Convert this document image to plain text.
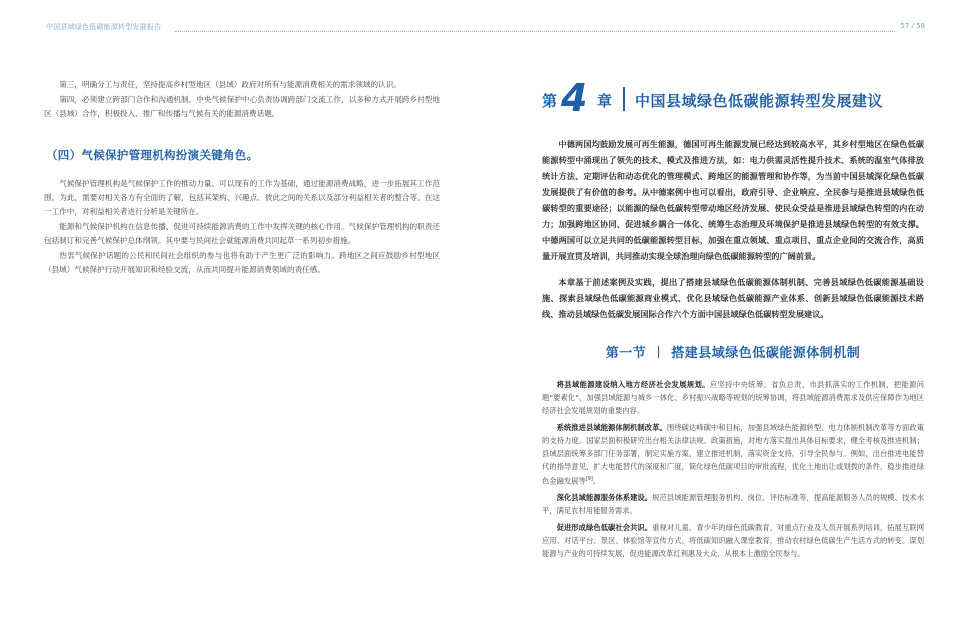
中国县域绿色低碳能源转型发展报告	57 / 58

第三，明确分工与责任，坚持提高乡村型地区（县域）政府对所有与能源消费相关的需求领域的认识。

第四，必须建立跨部门合作和沟通机制。中央气候保护中心负责协调跨部门交流工作，以多种方式开展跨乡村型地区（县域）合作，积极投入、推广和传播与气候有关的能源消费话题。

（四）气候保护管理机构扮演关键角色。

气候保护管理机构是气候保护工作的推动力量。可以现有的工作为基础，通过能源消费战略，进一步拓展其工作范围。为此，需要对相关各方有全面的了解，包括其架构、兴趣点、彼此之间的关系以及部分利益相关者的整合等。在这一工作中，对利益相关者进行分析是关键所在。

能源和气候保护机构在信息传播、促进可持续能源消费的工作中发挥关键的核心作用。气候保护管理机构的职责还包括制订和完善气候保护总体纲领。其中要与民间社会就能源消费共同起草一系列初步措施。

热衷气候保护话题的公民和民间社会组织的参与也将有助于产生更广泛的影响力。跨地区之间应鼓励乡村型地区（县域）气候保护行动开展知识和经验交流，从而共同提升能源消费领域的责任感。

第 4 章 中国县域绿色低碳能源转型发展建议

中德两国均鼓励发展可再生能源，德国可再生能源发展已经达到较高水平，其乡村型地区在绿色低碳能源转型中涌现出了领先的技术、模式及推进方法，如：电力供需灵活性提升技术、系统的温室气体排放统计方法、定期评估和动态优化的管理模式、跨地区的能源管理和协作等，为当前中国县域深化绿色低碳发展提供了有价值的参考。从中德案例中也可以看出，政府引导、企业响应、全民参与是推进县域绿色低碳转型的重要途径；以能源的绿色低碳转型带动地区经济发展、使民众受益是推进县域绿色转型的内在动力；加强跨地区协同、促进城乡耦合一体化、统筹生态治理及环境保护是推进县域绿色转型的有效支撑。中德两国可以立足共同的低碳能源转型目标，加强在重点领域、重点项目、重点企业间的交流合作，高质量开展宣贯及培训，共同推动实现全球治理向绿色低碳能源转型的广阔前景。

本章基于前述案例及实践，提出了搭建县域绿色低碳能源体制机制、完善县域绿色低碳能源基础设施、探索县域绿色低碳能源商业模式、优化县域绿色低碳能源产业体系、创新县域绿色低碳能源技术路线、推动县域绿色低碳发展国际合作六个方面中国县域绿色低碳转型发展建议。

第一节 搭建县域绿色低碳能源体制机制

将县域能源建设纳入地方经济社会发展规划。应坚持中央统筹、省负总责、市县抓落实的工作机制，把能源问题“要素化”，加强县域能源与城乡一体化、乡村振兴战略等规划的统筹协调，将县域能源消费需求及供应保障作为地区经济社会发展规划的重要内容。

系统推进县域能源体制机制改革。围绕碳达峰碳中和目标，加强县域绿色能源转型、电力体制机制改革等方面政策的支持力度。国家层面积极研究出台相关法律法规、政策措施，对地方落实提出具体目标要求，健全考核及推进机制；县域层面统筹多部门任务部署，制定实施方案，建立推进机制，落实资金支持，引导全民参与。例如，出台推进电能替代的指导意见，扩大电能替代的深度和广度，简化绿色低碳项目的审批流程，优化土地出让或划拨的条件，稳步推进绿色金融发展等[9]。

深化县域能源服务体系建设。规范县域能源管理服务机构、岗位、评估标准等，提高能源服务人员的规模、技术水平，满足农村用能服务需求。

促进形成绿色低碳社会共识。重视对儿童、青少年的绿色低碳教育，对重点行业及人员开展系列培训，拓展互联网应用、对话平台、景区、体验馆等宣传方式，将低碳知识融入课堂教育，推动农村绿色低碳生产生活方式的转变。谋划能源与产业的可持续发展，促进能源改革红利惠及大众，从根本上激励全民参与。
